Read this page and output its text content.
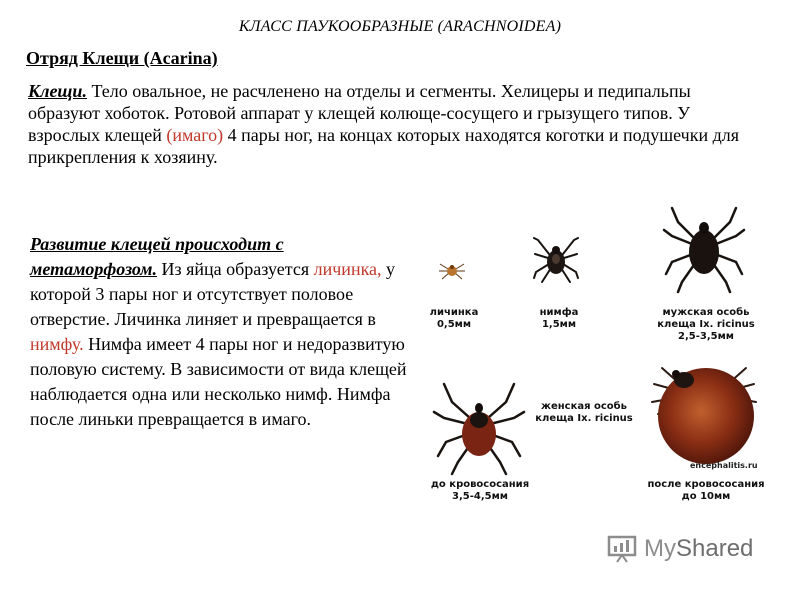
КЛАСС ПАУКООБРАЗНЫЕ (ARACHNOIDEA)
Отряд Клещи (Acarina)
Клещи. Тело овальное, не расчленено на отделы и сегменты. Хелицеры и педипальпы образуют хоботок. Ротовой аппарат у клещей колюще-сосущего и грызущего типов. У взрослых клещей (имаго) 4 пары ног, на концах которых находятся коготки и подушечки для прикрепления к хозяину.
Развитие клещей происходит с метаморфозом. Из яйца образуется личинка, у которой 3 пары ног и отсутствует половое отверстие. Личинка линяет и превращается в нимфу. Нимфа имеет 4 пары ног и недоразвитую половую систему. В зависимости от вида клещей наблюдается одна или несколько нимф. Нимфа после линьки превращается в имаго.
личинка
0,5мм
нимфа
1,5мм
мужская особь
клеща Ix. ricinus
2,5-3,5мм
женская особь
клеща Ix. ricinus
до кровососания
3,5-4,5мм
после кровососания
до 10мм
encephalitis.ru
MyShared
